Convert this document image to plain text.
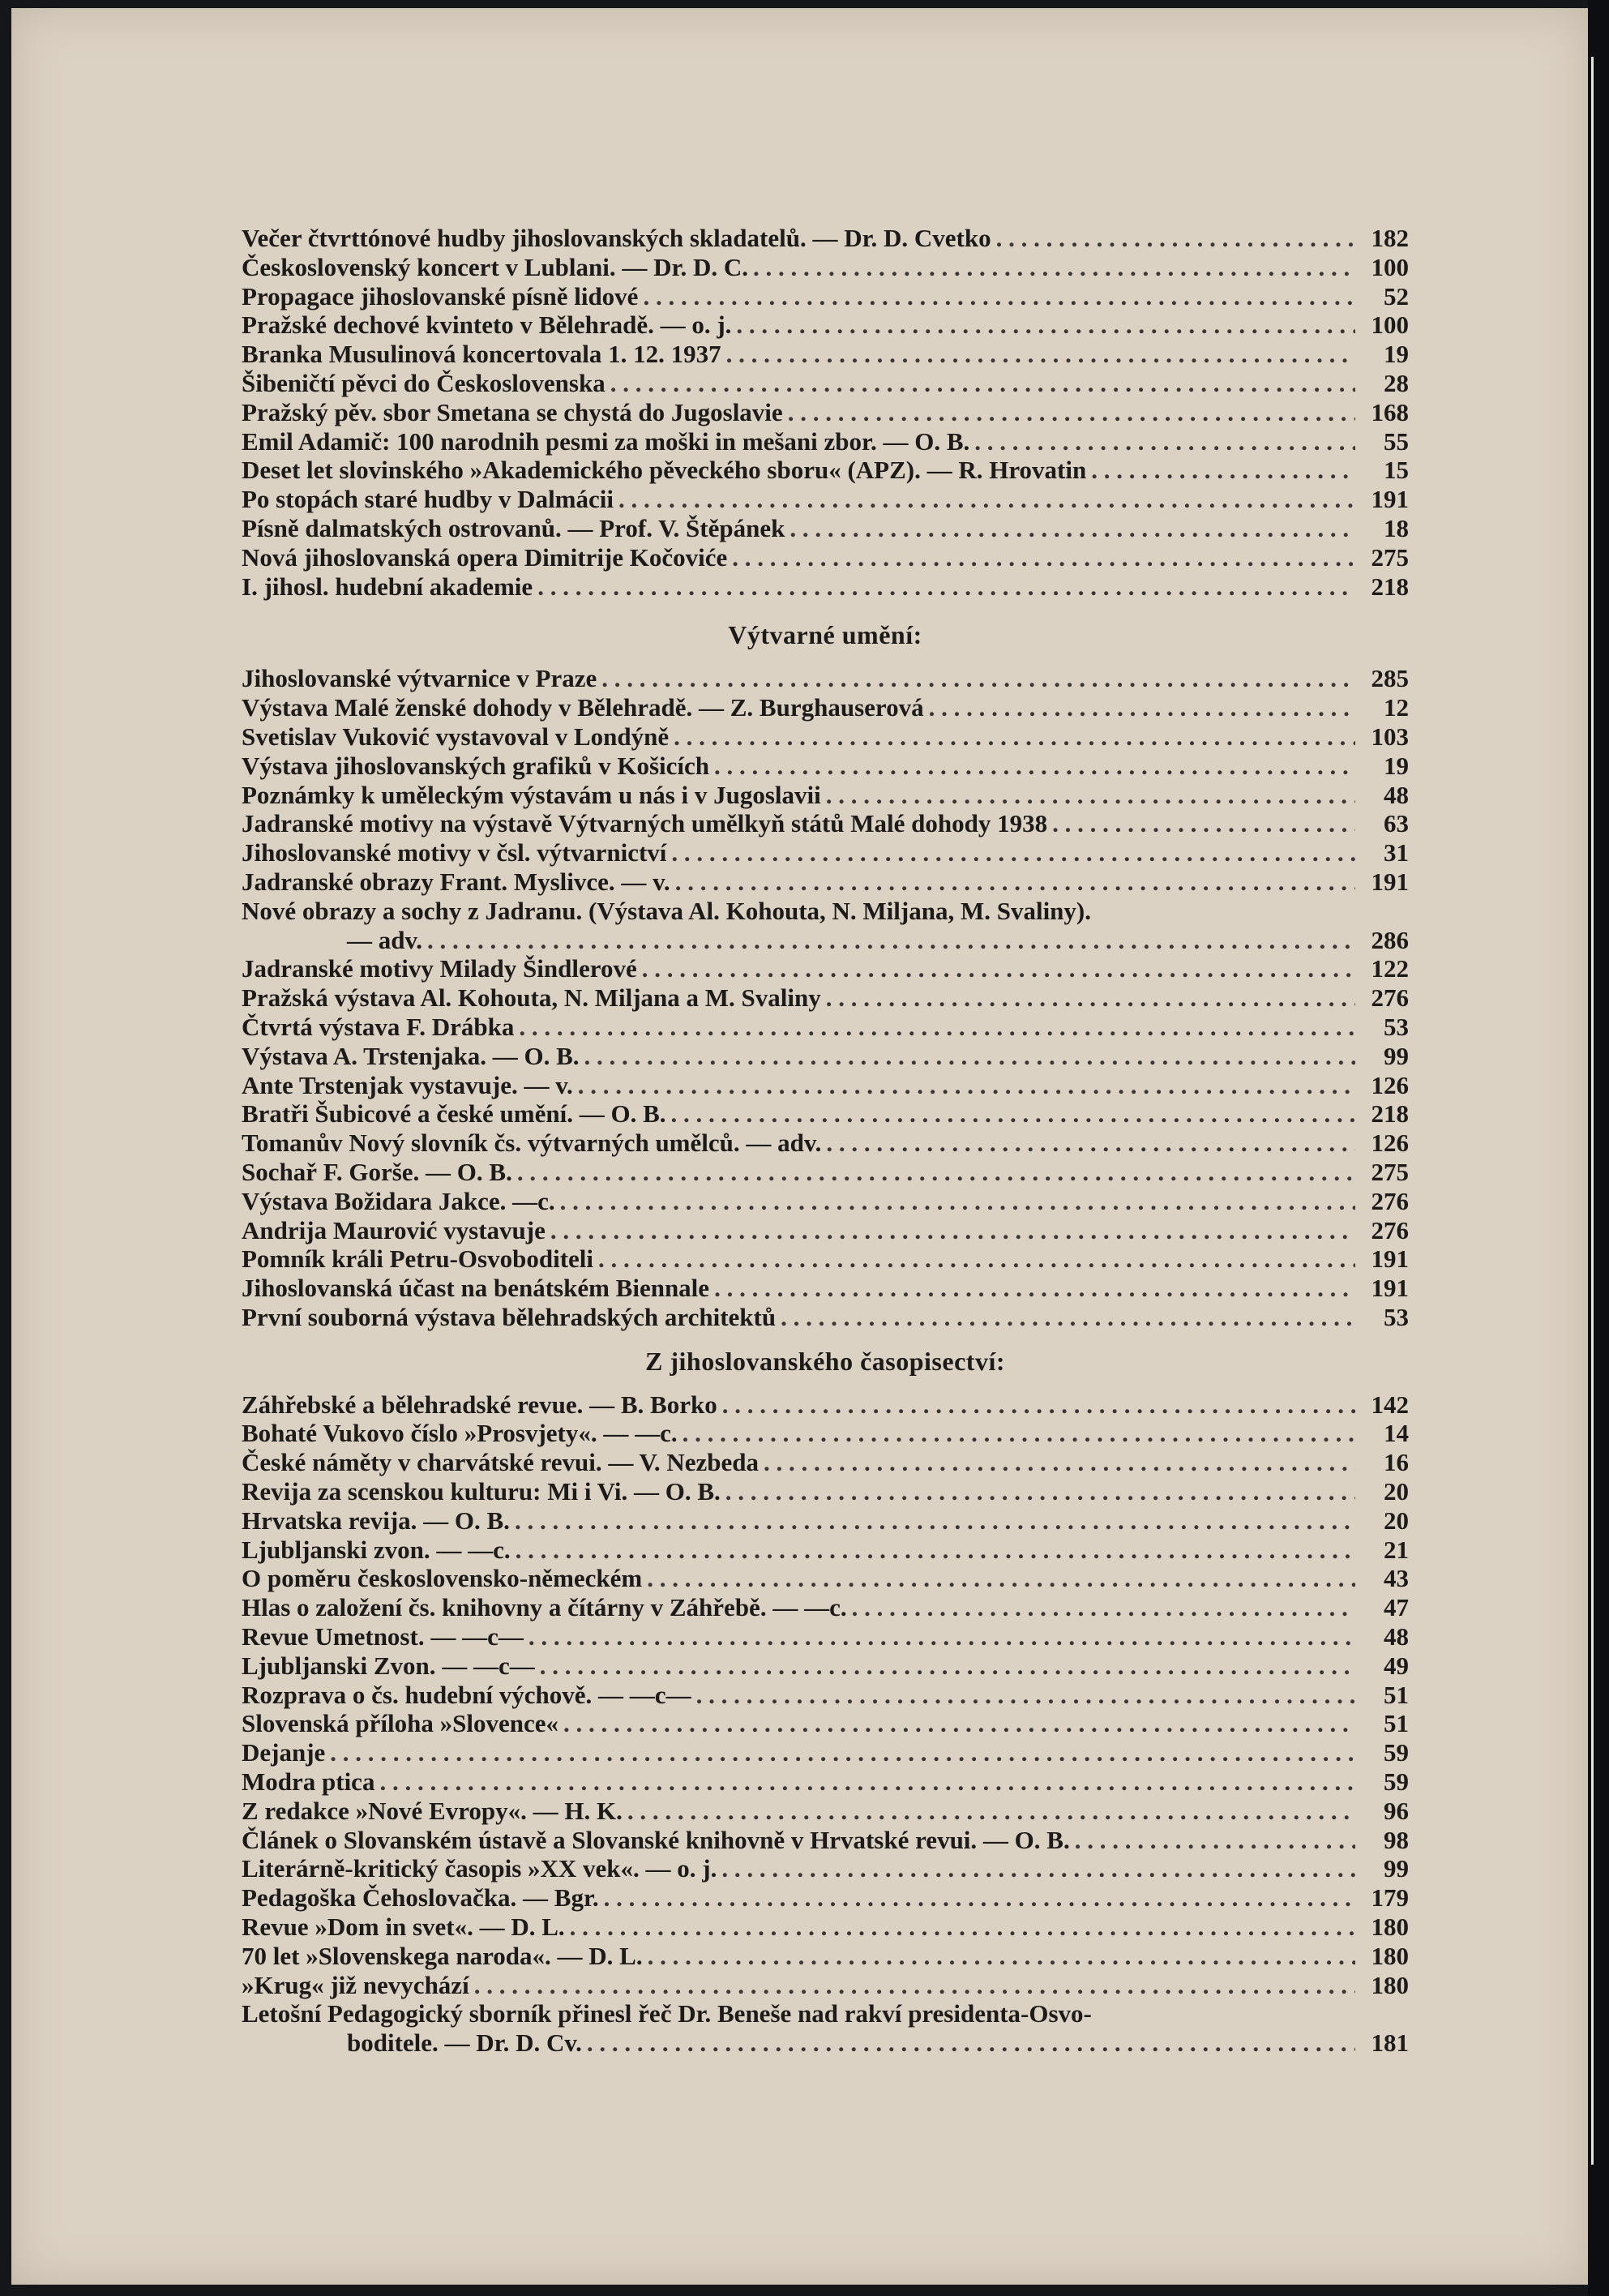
Večer čtvrttónové hudby jihoslovanských skladatelů. — Dr. D. Cvetko . . .	182
Československý koncert v Lublani. — Dr. D. C. . . .	100
Propagace jihoslovanské písně lidové . . .	52
Pražské dechové kvinteto v Bělehradě. — o. j. . . .	100
Branka Musulinová koncertovala 1. 12. 1937 . . .	19
Šibeničtí pěvci do Československa . . .	28
Pražský pěv. sbor Smetana se chystá do Jugoslavie . . .	168
Emil Adamič: 100 narodnih pesmi za moški in mešani zbor. — O. B. . . .	55
Deset let slovinského »Akademického pěveckého sboru« (APZ). — R. Hrovatin . . .	15
Po stopách staré hudby v Dalmácii . . .	191
Písně dalmatských ostrovanů. — Prof. V. Štěpánek . . .	18
Nová jihoslovanská opera Dimitrije Kočoviće . . .	275
I. jihosl. hudební akademie . . .	218
Výtvarné umění:
Jihoslovanské výtvarnice v Praze . . .	285
Výstava Malé ženské dohody v Bělehradě. — Z. Burghauserová . . .	12
Svetislav Vuković vystavoval v Londýně . . .	103
Výstava jihoslovanských grafiků v Košicích . . .	19
Poznámky k uměleckým výstavám u nás i v Jugoslavii . . .	48
Jadranské motivy na výstavě Výtvarných umělkyň států Malé dohody 1938 . . .	63
Jihoslovanské motivy v čsl. výtvarnictví . . .	31
Jadranské obrazy Frant. Myslivce. — v. . . .	191
Nové obrazy a sochy z Jadranu. (Výstava Al. Kohouta, N. Miljana, M. Svaliny).
— adv. . . .	286
Jadranské motivy Milady Šindlerové . . .	122
Pražská výstava Al. Kohouta, N. Miljana a M. Svaliny . . .	276
Čtvrtá výstava F. Drábka . . .	53
Výstava A. Trstenjaka. — O. B. . . .	99
Ante Trstenjak vystavuje. — v. . . .	126
Bratři Šubicové a české umění. — O. B. . . .	218
Tomanův Nový slovník čs. výtvarných umělců. — adv. . . .	126
Sochař F. Gorše. — O. B. . . .	275
Výstava Božidara Jakce. —c. . . .	276
Andrija Maurović vystavuje . . .	276
Pomník králi Petru-Osvoboditeli . . .	191
Jihoslovanská účast na benátském Biennale . . .	191
První souborná výstava bělehradských architektů . . .	53
Z jihoslovanského časopisectví:
Záhřebské a bělehradské revue. — B. Borko . . .	142
Bohaté Vukovo číslo »Prosvjety«. — —c. . . .	14
České náměty v charvátské revui. — V. Nezbeda . . .	16
Revija za scenskou kulturu: Mi i Vi. — O. B. . . .	20
Hrvatska revija. — O. B. . . .	20
Ljubljanski zvon. — —c. . . .	21
O poměru československo-německém . . .	43
Hlas o založení čs. knihovny a čítárny v Záhřebě. — —c. . . .	47
Revue Umetnost. — —c— . . .	48
Ljubljanski Zvon. — —c— . . .	49
Rozprava o čs. hudební výchově. — —c— . . .	51
Slovenská příloha »Slovence« . . .	51
Dejanje . . .	59
Modra ptica . . .	59
Z redakce »Nové Evropy«. — H. K. . . .	96
Článek o Slovanském ústavě a Slovanské knihovně v Hrvatské revui. — O. B. . . .	98
Literárně-kritický časopis »XX vek«. — o. j. . . .	99
Pedagoška Čehoslovačka. — Bgr. . . .	179
Revue »Dom in svet«. — D. L. . . .	180
70 let »Slovenskega naroda«. — D. L. . . .	180
»Krug« již nevychází . . .	180
Letošní Pedagogický sborník přinesl řeč Dr. Beneše nad rakví presidenta-Osvo-
boditele. — Dr. D. Cv. . . .	181
